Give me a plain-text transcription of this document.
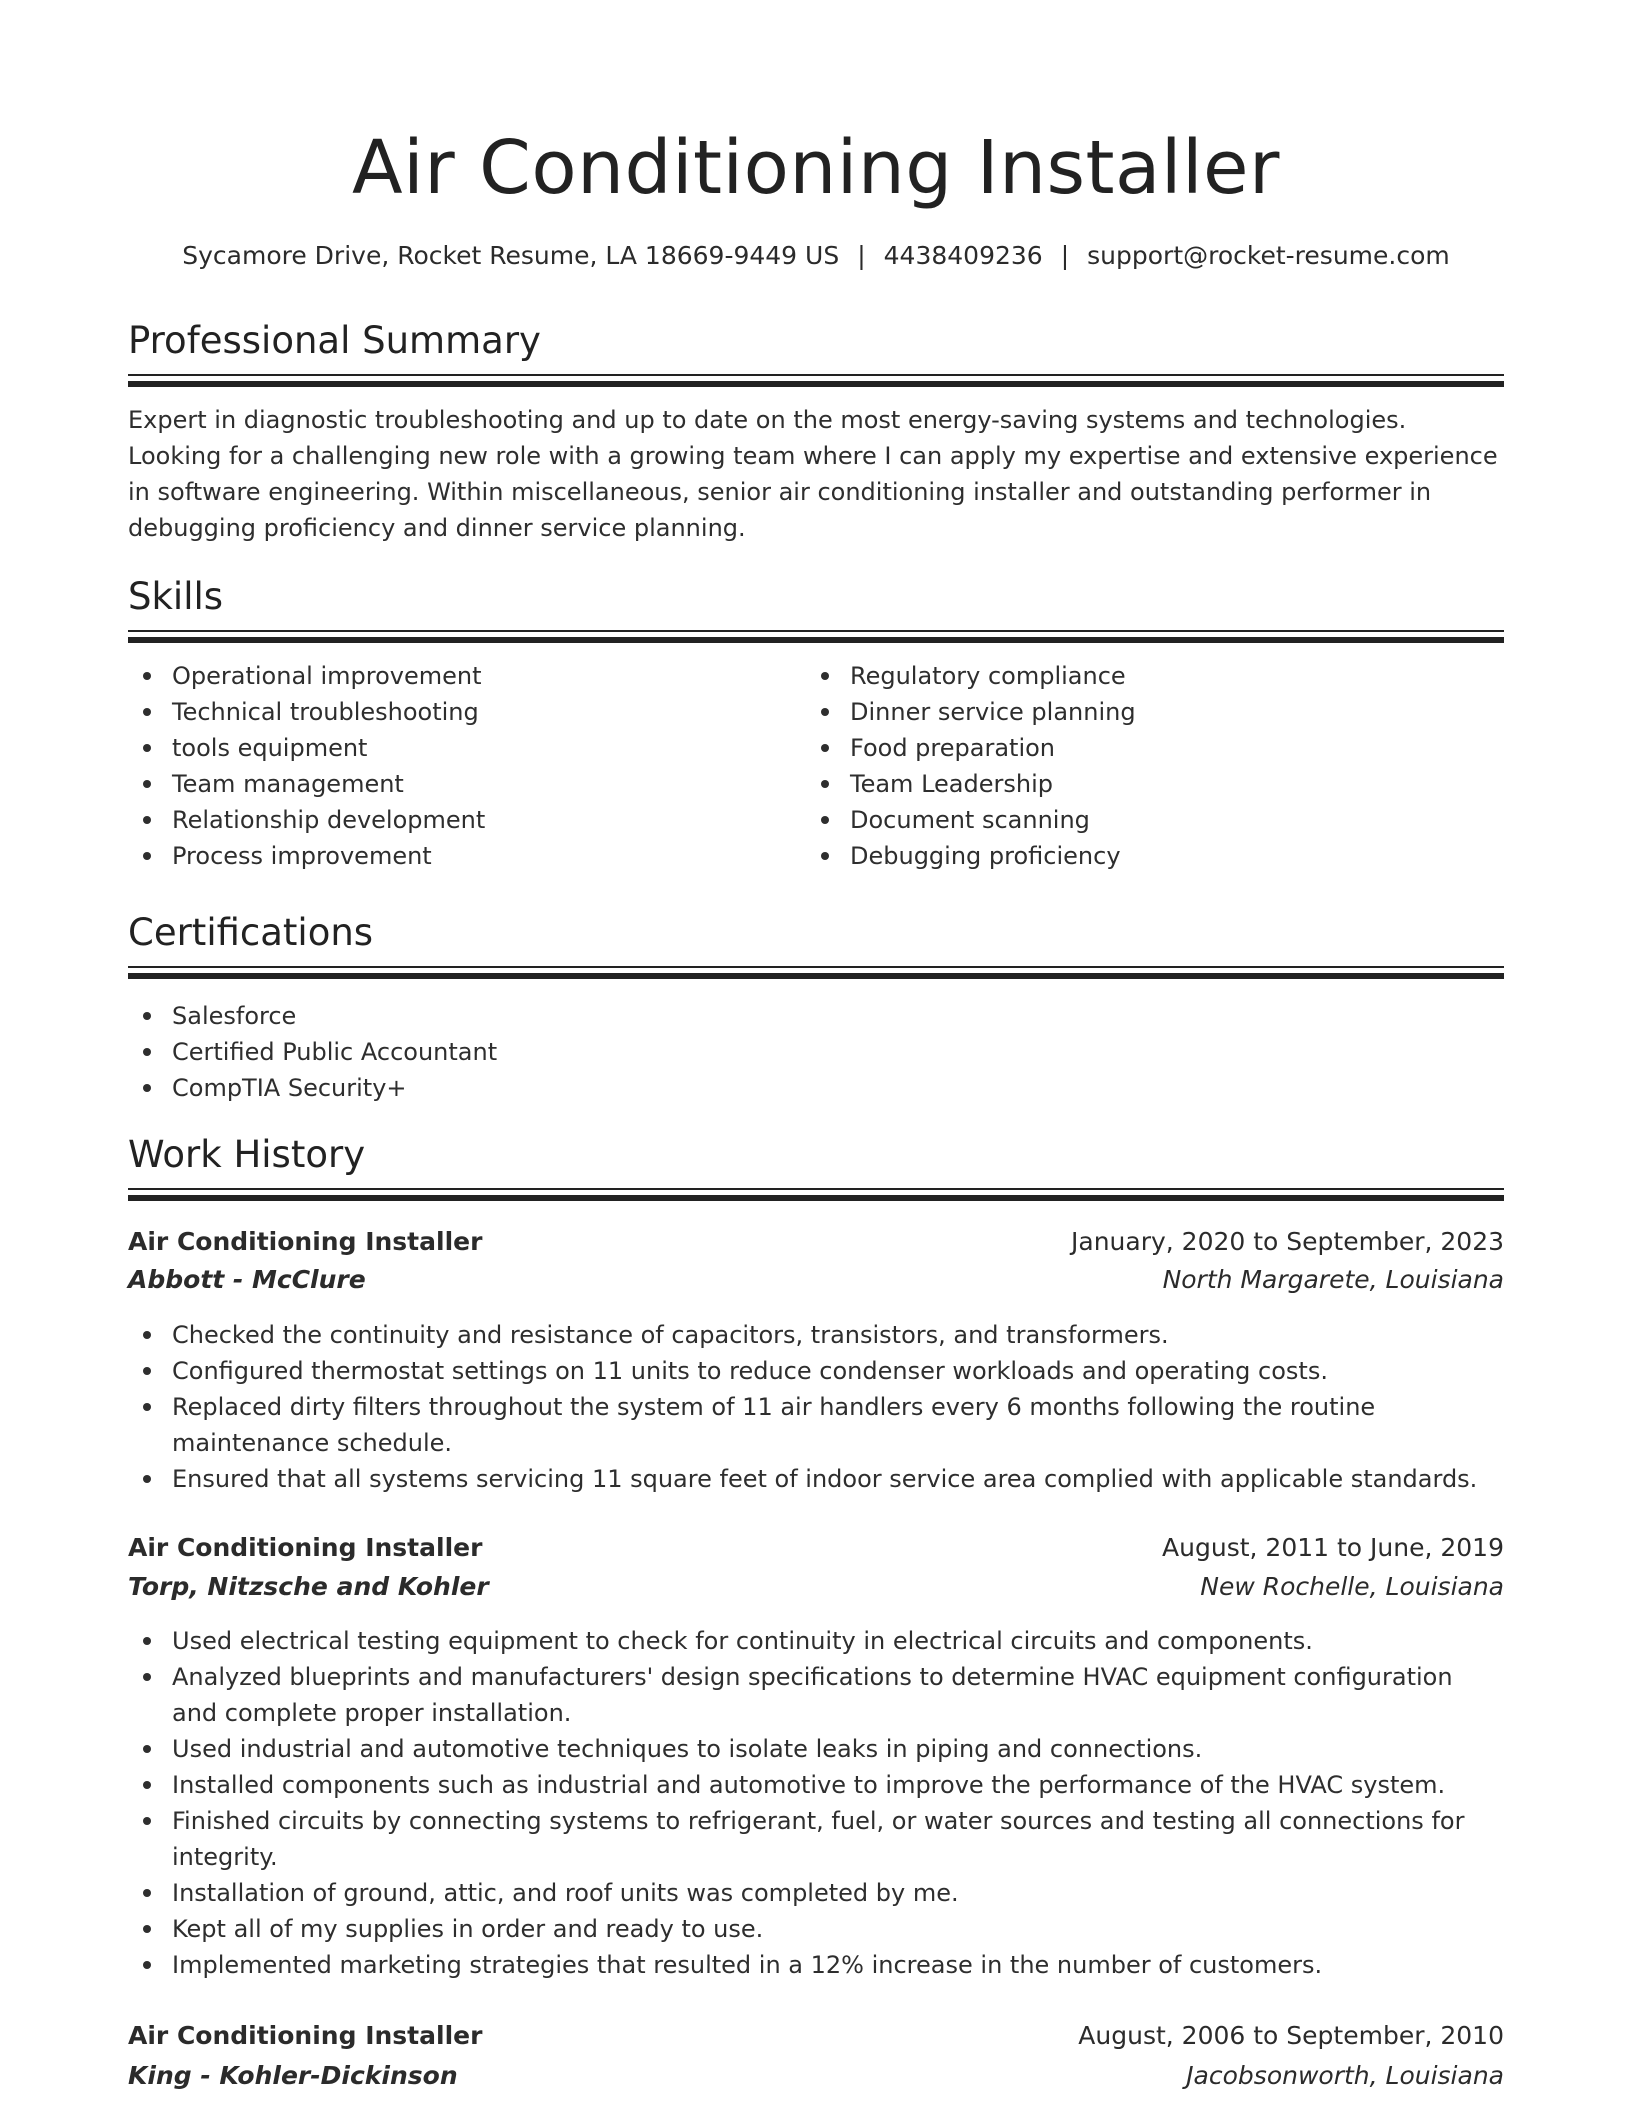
Air Conditioning Installer
Sycamore Drive, Rocket Resume, LA 18669-9449 US | 4438409236 | support@rocket-resume.com
Professional Summary

Expert in diagnostic troubleshooting and up to date on the most energy-saving systems and technologies. Looking for a challenging new role with a growing team where I can apply my expertise and extensive experience in software engineering. Within miscellaneous, senior air conditioning installer and outstanding performer in debugging proficiency and dinner service planning.

Skills
Operational improvement
Technical troubleshooting
tools equipment
Team management
Relationship development
Process improvement
Regulatory compliance
Dinner service planning
Food preparation
Team Leadership
Document scanning
Debugging proficiency
Certifications
Salesforce
Certified Public Accountant
CompTIA Security+
Work History
Air Conditioning Installer	January, 2020 to September, 2023
Abbott - McClure	North Margarete, Louisiana
Checked the continuity and resistance of capacitors, transistors, and transformers.
Configured thermostat settings on 11 units to reduce condenser workloads and operating costs.
Replaced dirty filters throughout the system of 11 air handlers every 6 months following the routine maintenance schedule.
Ensured that all systems servicing 11 square feet of indoor service area complied with applicable standards.
Air Conditioning Installer	August, 2011 to June, 2019
Torp, Nitzsche and Kohler	New Rochelle, Louisiana
Used electrical testing equipment to check for continuity in electrical circuits and components.
Analyzed blueprints and manufacturers' design specifications to determine HVAC equipment configuration and complete proper installation.
Used industrial and automotive techniques to isolate leaks in piping and connections.
Installed components such as industrial and automotive to improve the performance of the HVAC system.
Finished circuits by connecting systems to refrigerant, fuel, or water sources and testing all connections for integrity.
Installation of ground, attic, and roof units was completed by me.
Kept all of my supplies in order and ready to use.
Implemented marketing strategies that resulted in a 12% increase in the number of customers.
Air Conditioning Installer	August, 2006 to September, 2010
King - Kohler-Dickinson	Jacobsonworth, Louisiana
